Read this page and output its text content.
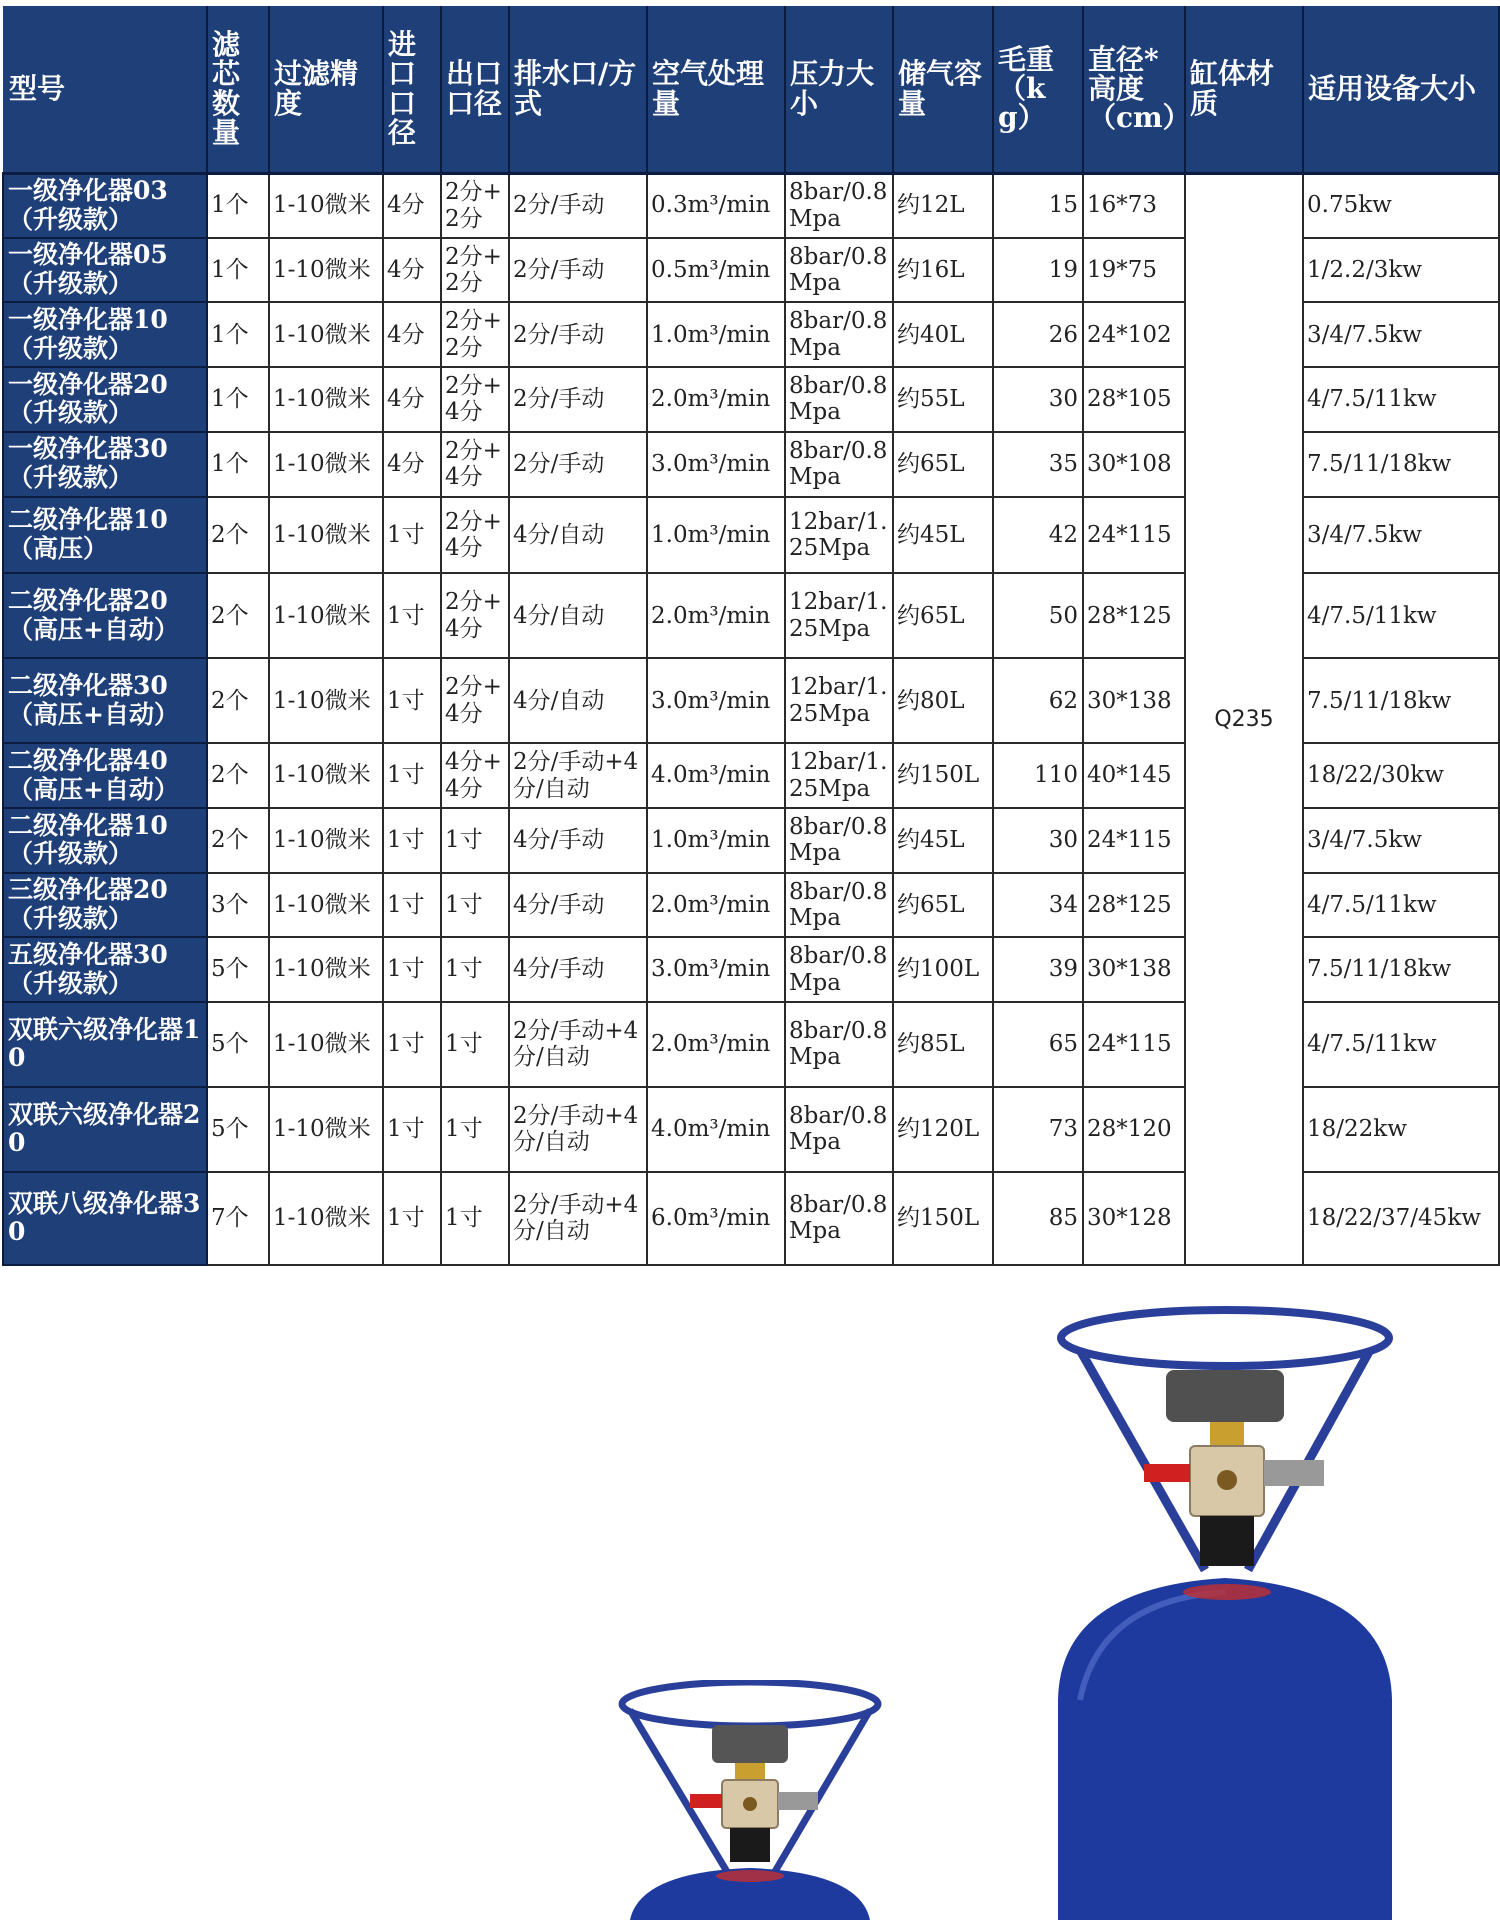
型号	滤芯数量	过滤精度	进口口径	出口口径	排水口/方式	空气处理量	压力大小	储气容量	毛重（kg）	直径*高度（cm）	缸体材质	适用设备大小
一级净化器03（升级款）	1个	1-10微米	4分	2分+2分	2分/手动	0.3m³/min	8bar/0.8Mpa	约12L	15	16*73	Q235	0.75kw
一级净化器05（升级款）	1个	1-10微米	4分	2分+2分	2分/手动	0.5m³/min	8bar/0.8Mpa	约16L	19	19*75		1/2.2/3kw
一级净化器10（升级款）	1个	1-10微米	4分	2分+2分	2分/手动	1.0m³/min	8bar/0.8Mpa	约40L	26	24*102		3/4/7.5kw
一级净化器20（升级款）	1个	1-10微米	4分	2分+4分	2分/手动	2.0m³/min	8bar/0.8Mpa	约55L	30	28*105		4/7.5/11kw
一级净化器30（升级款）	1个	1-10微米	4分	2分+4分	2分/手动	3.0m³/min	8bar/0.8Mpa	约65L	35	30*108		7.5/11/18kw
二级净化器10（高压）	2个	1-10微米	1寸	2分+4分	4分/自动	1.0m³/min	12bar/1.25Mpa	约45L	42	24*115		3/4/7.5kw
二级净化器20（高压+自动）	2个	1-10微米	1寸	2分+4分	4分/自动	2.0m³/min	12bar/1.25Mpa	约65L	50	28*125		4/7.5/11kw
二级净化器30（高压+自动）	2个	1-10微米	1寸	2分+4分	4分/自动	3.0m³/min	12bar/1.25Mpa	约80L	62	30*138		7.5/11/18kw
二级净化器40（高压+自动）	2个	1-10微米	1寸	4分+4分	2分/手动+4分/自动	4.0m³/min	12bar/1.25Mpa	约150L	110	40*145		18/22/30kw
二级净化器10（升级款）	2个	1-10微米	1寸	1寸	4分/手动	1.0m³/min	8bar/0.8Mpa	约45L	30	24*115		3/4/7.5kw
三级净化器20（升级款）	3个	1-10微米	1寸	1寸	4分/手动	2.0m³/min	8bar/0.8Mpa	约65L	34	28*125		4/7.5/11kw
五级净化器30（升级款）	5个	1-10微米	1寸	1寸	4分/手动	3.0m³/min	8bar/0.8Mpa	约100L	39	30*138		7.5/11/18kw
双联六级净化器10	5个	1-10微米	1寸	1寸	2分/手动+4分/自动	2.0m³/min	8bar/0.8Mpa	约85L	65	24*115		4/7.5/11kw
双联六级净化器20	5个	1-10微米	1寸	1寸	2分/手动+4分/自动	4.0m³/min	8bar/0.8Mpa	约120L	73	28*120		18/22kw
双联八级净化器30	7个	1-10微米	1寸	1寸	2分/手动+4分/自动	6.0m³/min	8bar/0.8Mpa	约150L	85	30*128		18/22/37/45kw
